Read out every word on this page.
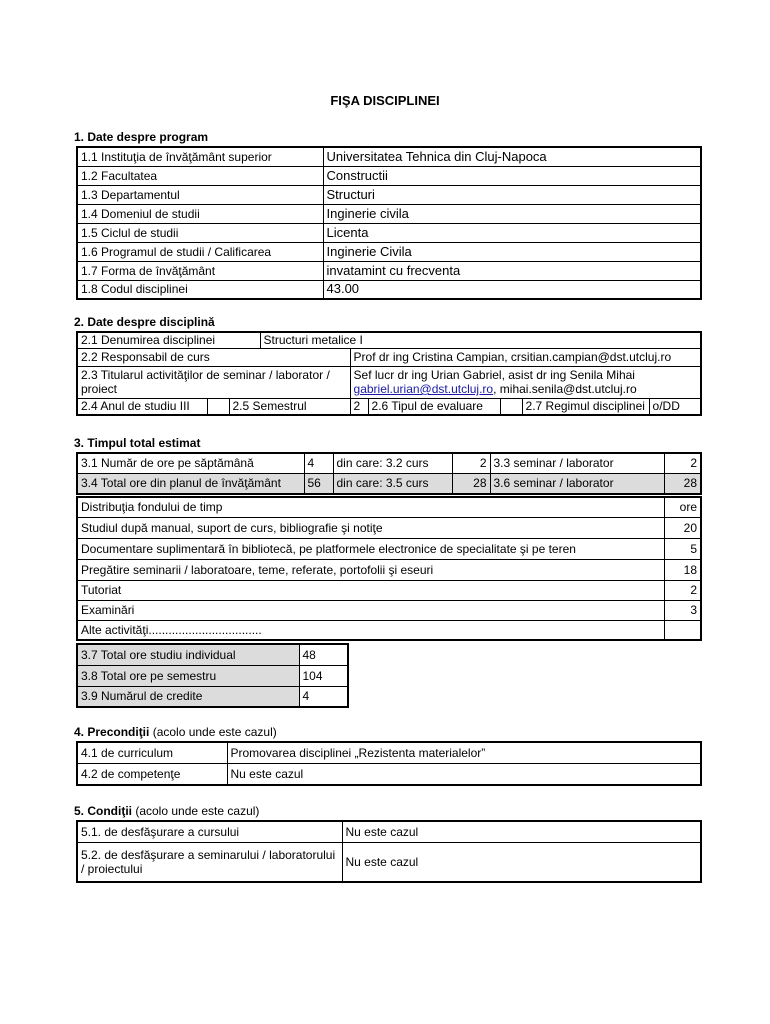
FIŞA DISCIPLINEI
1. Date despre program
1.1 Instituţia de învăţământ superior	Universitatea Tehnica din Cluj-Napoca
1.2 Facultatea	Constructii
1.3 Departamentul	Structuri
1.4 Domeniul de studii	Inginerie civila
1.5 Ciclul de studii	Licenta
1.6 Programul de studii / Calificarea	Inginerie Civila
1.7 Forma de învăţământ	invatamint cu frecventa
1.8 Codul disciplinei	43.00
2. Date despre disciplină
2.1 Denumirea disciplinei			Structuri metalice I					
2.2 Responsabil de curs				Prof dr ing Cristina Campian, crsitian.campian@dst.utcluj.ro				
2.3 Titularul activităţilor de seminar / laborator / proiect				Sef lucr dr ing Urian Gabriel, asist dr ing Senila Mihai
gabriel.urian@dst.utcluj.ro, mihai.senila@dst.utcluj.ro				
2.4 Anul de studiu III		2.5 Semestrul		2	2.6 Tipul de evaluare		2.7 Regimul disciplinei	o/DD
3. Timpul total estimat
3.1 Număr de ore pe săptămână	4	din care: 3.2 curs	2	3.3 seminar / laborator	2
3.4 Total ore din planul de învăţământ	56	din care: 3.5 curs	28	3.6 seminar / laborator	28
Distribuţia fondului de timp	ore
Studiul după manual, suport de curs, bibliografie şi notiţe	20
Documentare suplimentară în bibliotecă, pe platformele electronice de specialitate şi pe teren	5
Pregătire seminarii / laboratoare, teme, referate, portofolii şi eseuri	18
Tutoriat	2
Examinări	3
Alte activităţi..................................	
3.7 Total ore studiu individual	48
3.8 Total ore pe semestru	104
3.9 Numărul de credite	4
4. Precondiţii (acolo unde este cazul)
4.1 de curriculum	Promovarea disciplinei „Rezistenta materialelor”
4.2 de competenţe	Nu este cazul
5. Condiţii (acolo unde este cazul)
5.1. de desfăşurare a cursului	Nu este cazul
5.2. de desfăşurare a seminarului / laboratorului / proiectului	Nu este cazul
